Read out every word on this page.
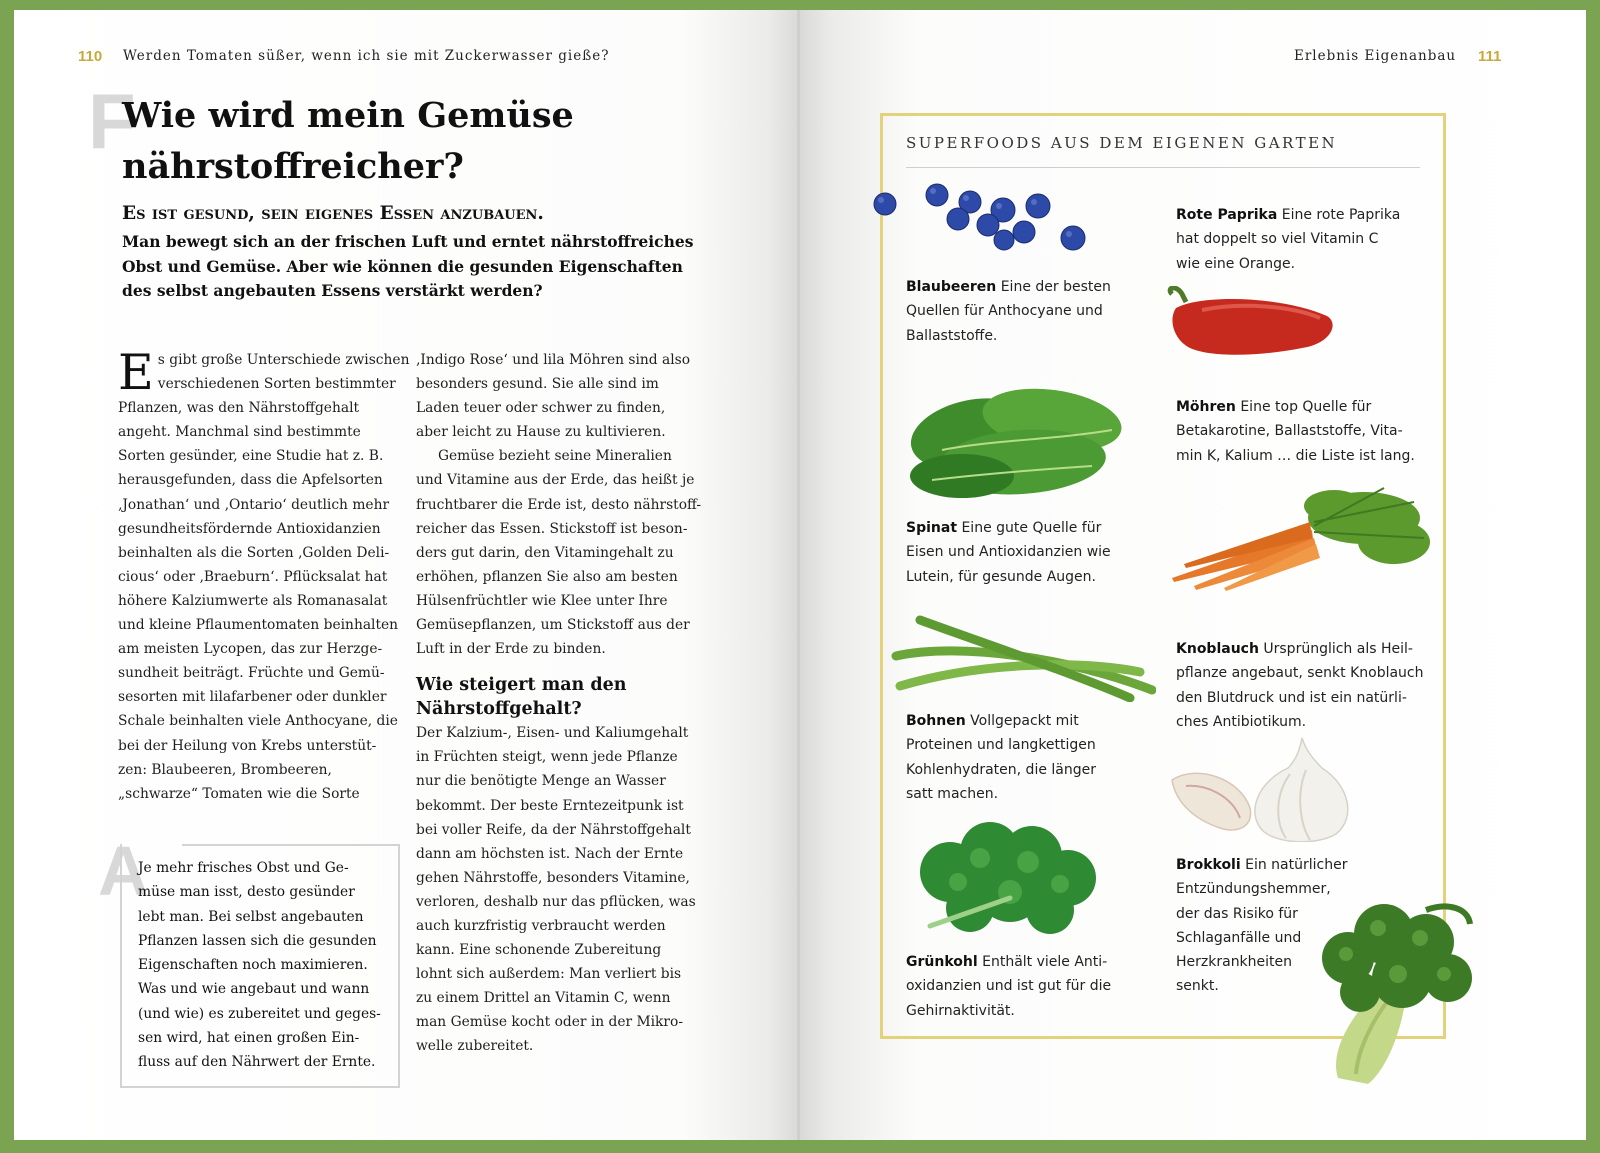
110 Werden Tomaten süßer, wenn ich sie mit Zuckerwasser gieße?
F
Wie wird mein Gemüse
nährstoffreicher?
Es ist gesund, sein eigenes Essen anzubauen.
Man bewegt sich an der frischen Luft und erntet nährstoffreiches
Obst und Gemüse. Aber wie können die gesunden Eigenschaften
des selbst angebauten Essens verstärkt werden?
E s gibt große Unterschiede zwischen
verschiedenen Sorten bestimmter
Pflanzen, was den Nährstoffgehalt
angeht. Manchmal sind bestimmte
Sorten gesünder, eine Studie hat z. B.
herausgefunden, dass die Apfelsorten
‚Jonathan‘ und ‚Ontario‘ deutlich mehr
gesundheitsfördernde Antioxidanzien
beinhalten als die Sorten ‚Golden Deli-
cious‘ oder ‚Braeburn‘. Pflücksalat hat
höhere Kalziumwerte als Romanasalat
und kleine Pflaumentomaten beinhalten
am meisten Lycopen, das zur Herzge-
sundheit beiträgt. Früchte und Gemü-
sesorten mit lilafarbener oder dunkler
Schale beinhalten viele Anthocyane, die
bei der Heilung von Krebs unterstüt-
zen: Blaubeeren, Brombeeren,
„schwarze“ Tomaten wie die Sorte
‚Indigo Rose‘ und lila Möhren sind also
besonders gesund. Sie alle sind im
Laden teuer oder schwer zu finden,
aber leicht zu Hause zu kultivieren.
Gemüse bezieht seine Mineralien
und Vitamine aus der Erde, das heißt je
fruchtbarer die Erde ist, desto nährstoff-
reicher das Essen. Stickstoff ist beson-
ders gut darin, den Vitamingehalt zu
erhöhen, pflanzen Sie also am besten
Hülsenfrüchtler wie Klee unter Ihre
Gemüsepflanzen, um Stickstoff aus der
Luft in der Erde zu binden.
Wie steigert man den
Nährstoffgehalt?
Der Kalzium-, Eisen- und Kaliumgehalt
in Früchten steigt, wenn jede Pflanze
nur die benötigte Menge an Wasser
bekommt. Der beste Erntezeitpunk ist
bei voller Reife, da der Nährstoffgehalt
dann am höchsten ist. Nach der Ernte
gehen Nährstoffe, besonders Vitamine,
verloren, deshalb nur das pflücken, was
auch kurzfristig verbraucht werden
kann. Eine schonende Zubereitung
lohnt sich außerdem: Man verliert bis
zu einem Drittel an Vitamin C, wenn
man Gemüse kocht oder in der Mikro-
welle zubereitet.
A
Je mehr frisches Obst und Ge-
müse man isst, desto gesünder
lebt man. Bei selbst angebauten
Pflanzen lassen sich die gesunden
Eigenschaften noch maximieren.
Was und wie angebaut und wann
(und wie) es zubereitet und geges-
sen wird, hat einen großen Ein-
fluss auf den Nährwert der Ernte.
Erlebnis Eigenanbau 111
SUPERFOODS AUS DEM EIGENEN GARTEN
Blaubeeren Eine der besten
Quellen für Anthocyane und
Ballaststoffe.
Spinat Eine gute Quelle für
Eisen und Antioxidanzien wie
Lutein, für gesunde Augen.
Bohnen Vollgepackt mit
Proteinen und langkettigen
Kohlenhydraten, die länger
satt machen.
Grünkohl Enthält viele Anti-
oxidanzien und ist gut für die
Gehirnaktivität.
Rote Paprika Eine rote Paprika
hat doppelt so viel Vitamin C
wie eine Orange.
Möhren Eine top Quelle für
Betakarotine, Ballaststoffe, Vita-
min K, Kalium … die Liste ist lang.
Knoblauch Ursprünglich als Heil-
pflanze angebaut, senkt Knoblauch
den Blutdruck und ist ein natürli-
ches Antibiotikum.
Brokkoli Ein natürlicher
Entzündungshemmer,
der das Risiko für
Schlaganfälle und
Herzkrankheiten
senkt.
